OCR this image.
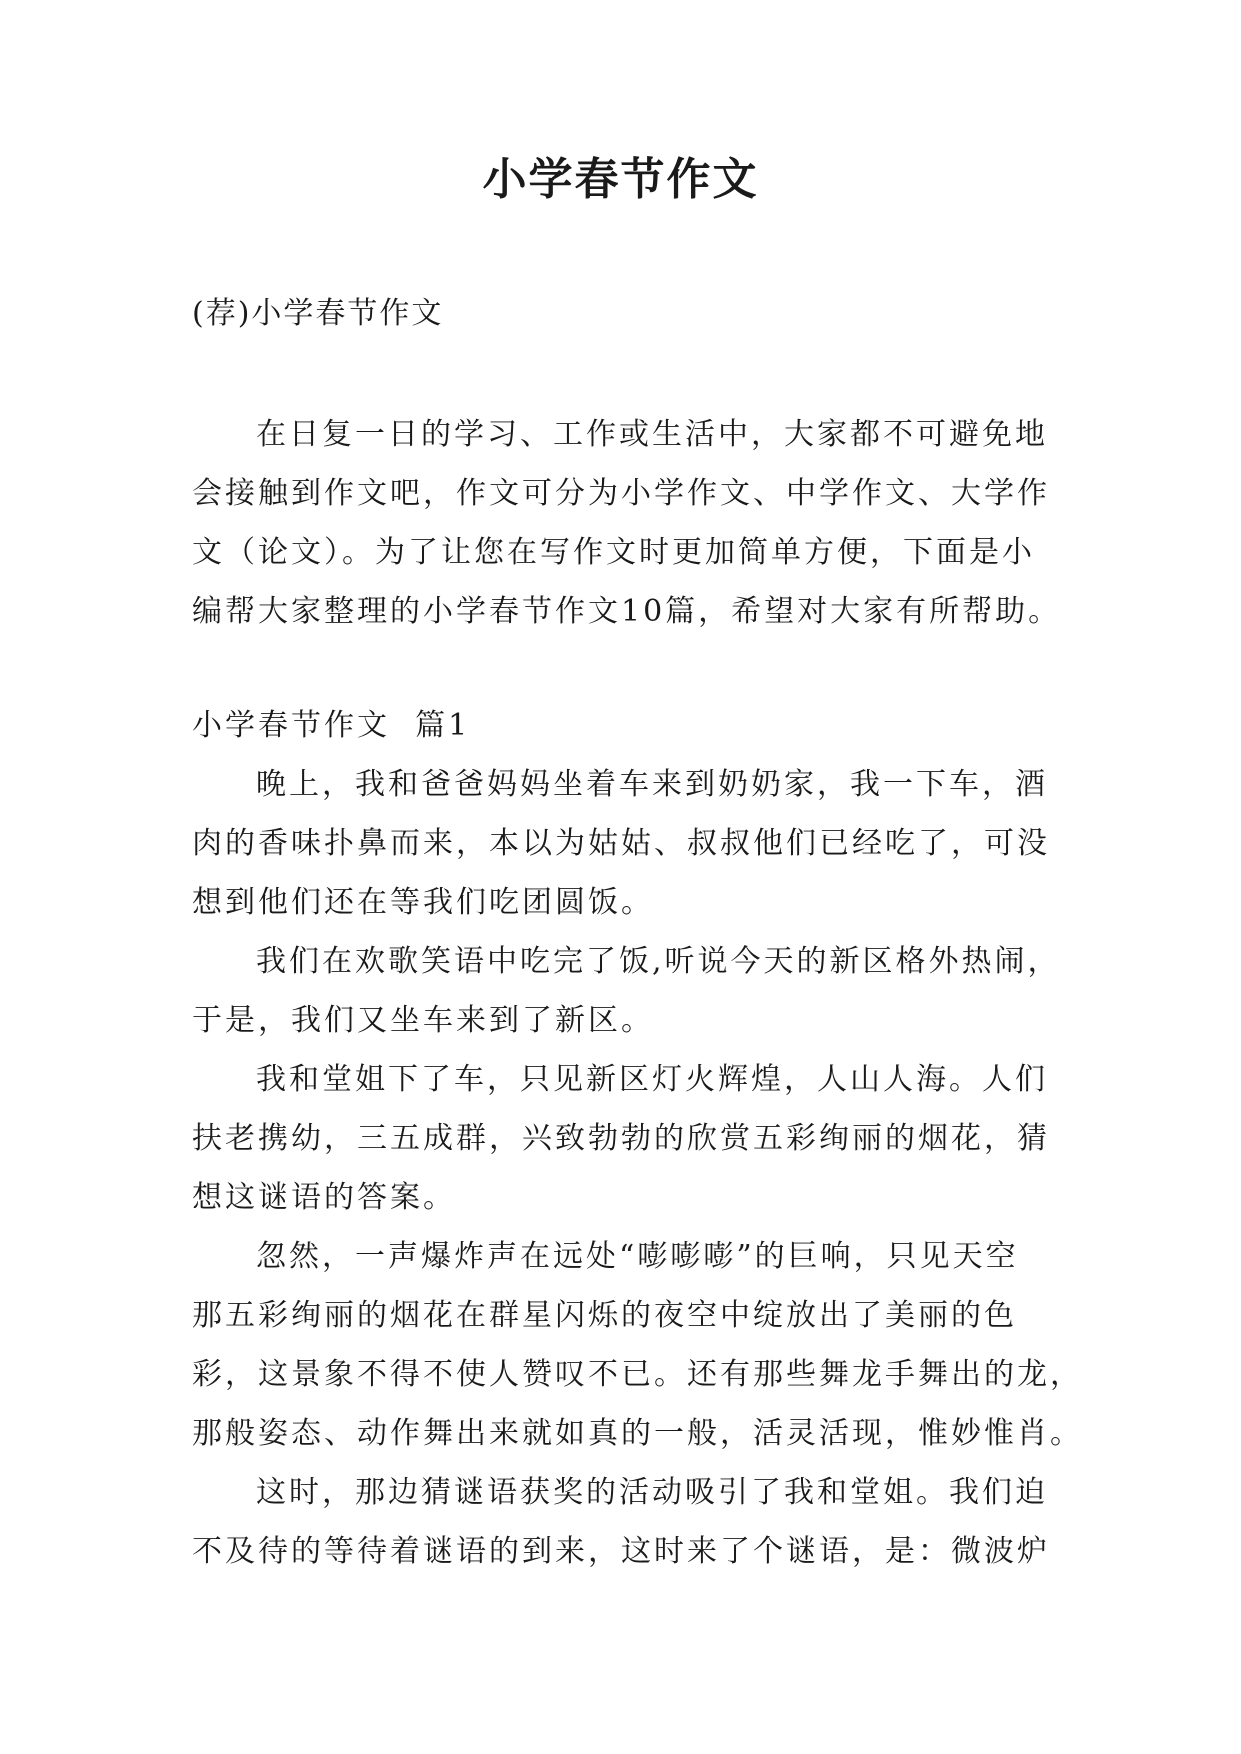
小学春节作文

(荐)小学春节作文

在日复一日的学习、工作或生活中，大家都不可避免地
会接触到作文吧，作文可分为小学作文、中学作文、大学作
文（论文）。为了让您在写作文时更加简单方便，下面是小
编帮大家整理的小学春节作文10篇，希望对大家有所帮助。

小学春节作文  篇1

晚上，我和爸爸妈妈坐着车来到奶奶家，我一下车，酒
肉的香味扑鼻而来，本以为姑姑、叔叔他们已经吃了，可没
想到他们还在等我们吃团圆饭。

我们在欢歌笑语中吃完了饭,听说今天的新区格外热闹，
于是，我们又坐车来到了新区。

我和堂姐下了车，只见新区灯火辉煌，人山人海。人们
扶老携幼，三五成群，兴致勃勃的欣赏五彩绚丽的烟花，猜
想这谜语的答案。

忽然，一声爆炸声在远处“嘭嘭嘭”的巨响，只见天空
那五彩绚丽的烟花在群星闪烁的夜空中绽放出了美丽的色
彩，这景象不得不使人赞叹不已。还有那些舞龙手舞出的龙，
那般姿态、动作舞出来就如真的一般，活灵活现，惟妙惟肖。

这时，那边猜谜语获奖的活动吸引了我和堂姐。我们迫
不及待的等待着谜语的到来，这时来了个谜语，是：微波炉
